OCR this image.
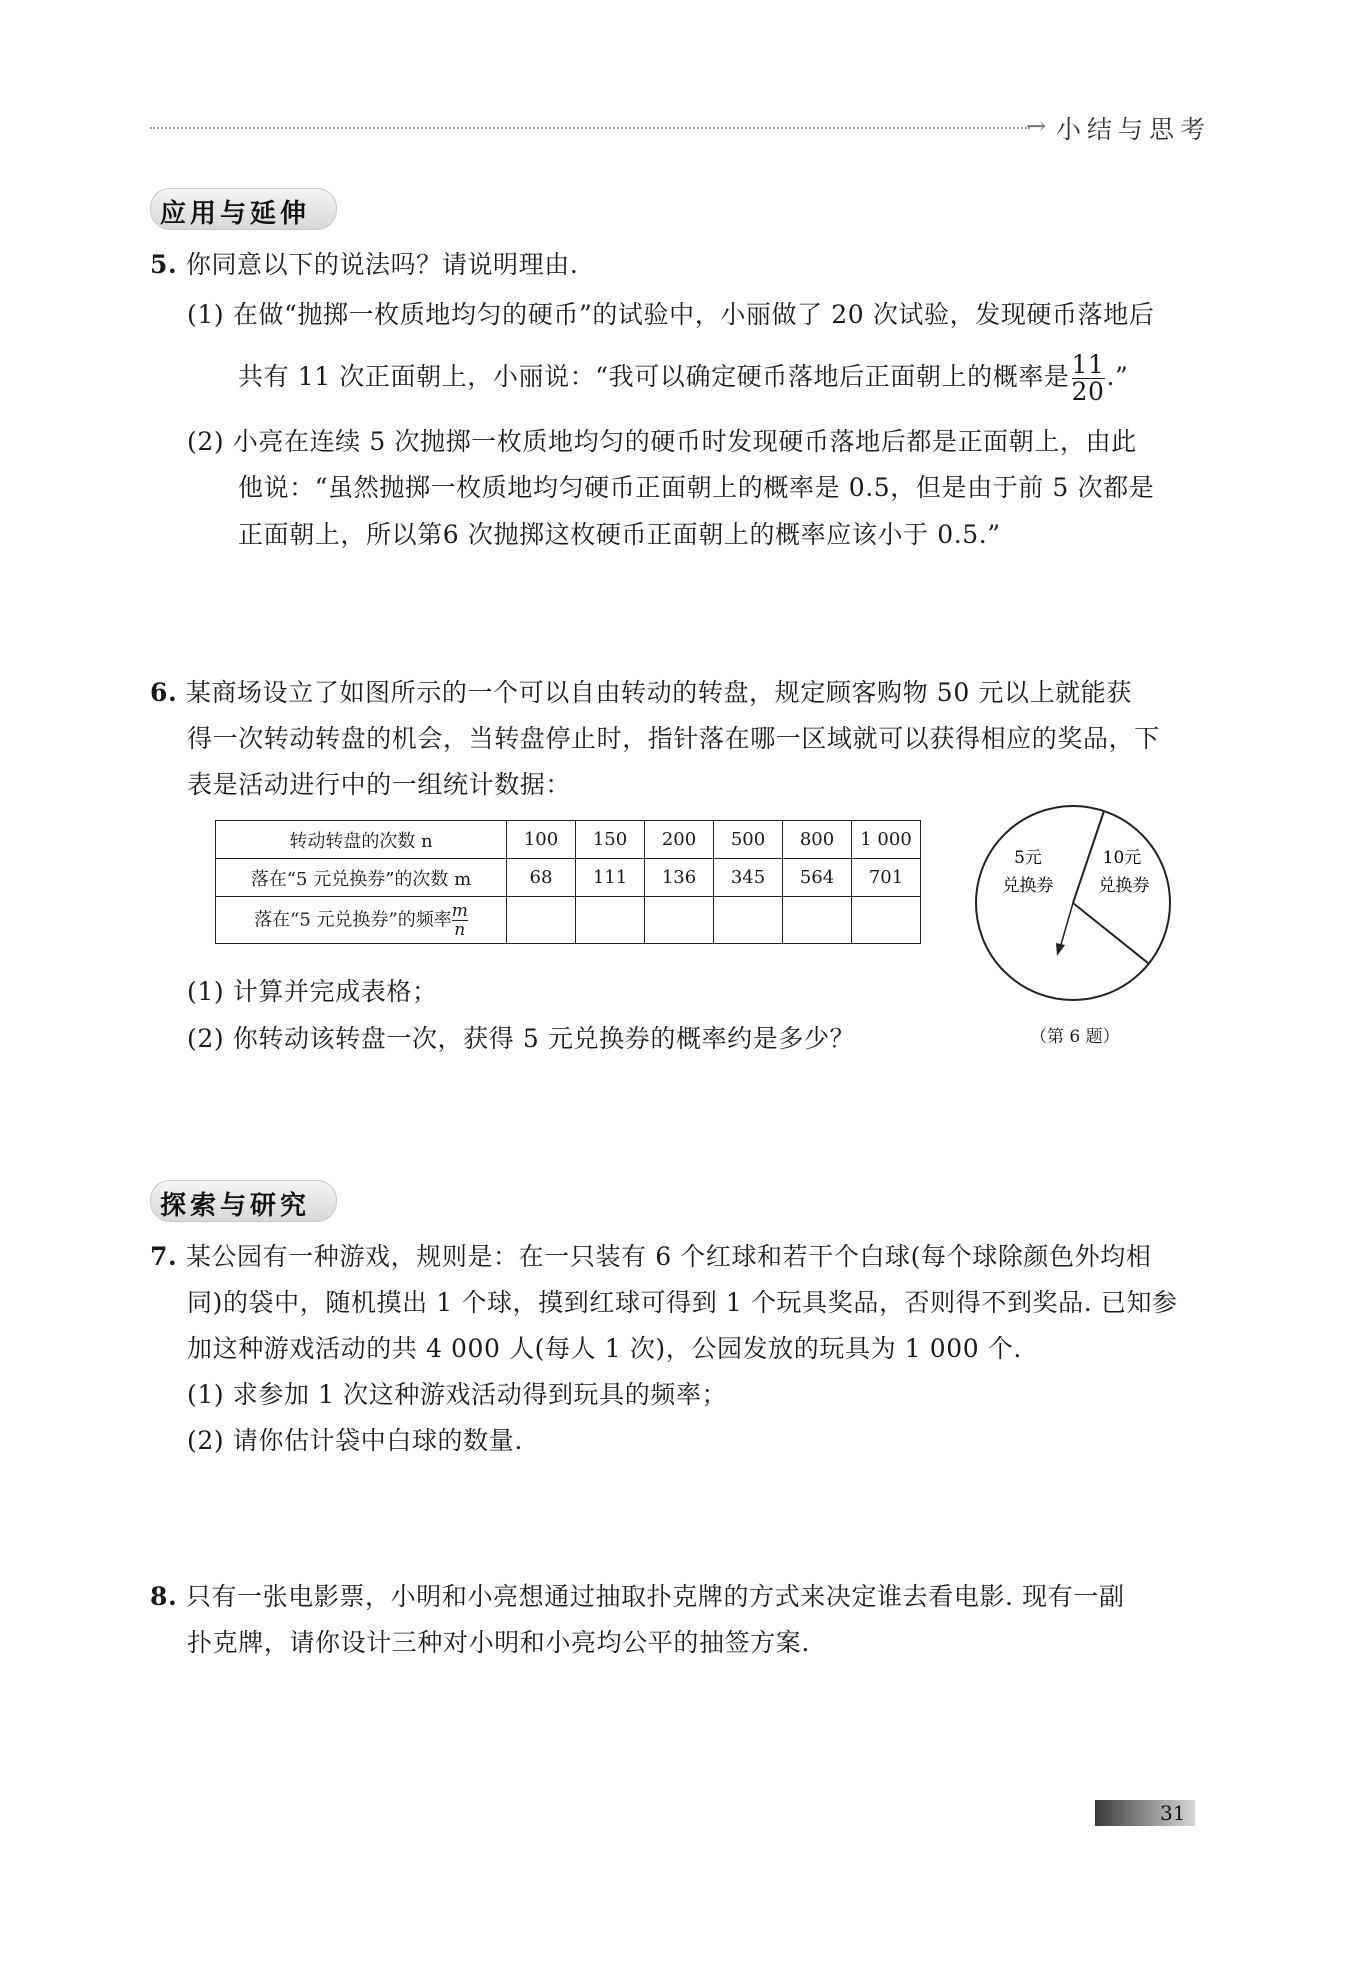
→ 小结与思考
应用与延伸
5. 你同意以下的说法吗？请说明理由.
(1) 在做“抛掷一枚质地均匀的硬币”的试验中，小丽做了 20 次试验，发现硬币落地后
共有 11 次正面朝上，小丽说：“我可以确定硬币落地后正面朝上的概率是 $\frac{11}{20}$ .”
(2) 小亮在连续 5 次抛掷一枚质地均匀的硬币时发现硬币落地后都是正面朝上，由此
他说：“虽然抛掷一枚质地均匀硬币正面朝上的概率是 0.5，但是由于前 5 次都是
正面朝上，所以第6 次抛掷这枚硬币正面朝上的概率应该小于 0.5.”
6. 某商场设立了如图所示的一个可以自由转动的转盘，规定顾客购物 50 元以上就能获
得一次转动转盘的机会，当转盘停止时，指针落在哪一区域就可以获得相应的奖品，下
表是活动进行中的一组统计数据：
转动转盘的次数 n	100	150	200	500	800	1 000
落在“5 元兑换券”的次数 m	68	111	136	345	564	701
落在“5 元兑换券”的频率 $\frac{m}{n}$

5元
兑换券
10元
兑换券
（第 6 题）
(1) 计算并完成表格；
(2) 你转动该转盘一次，获得 5 元兑换券的概率约是多少？
探索与研究
7. 某公园有一种游戏，规则是：在一只装有 6 个红球和若干个白球(每个球除颜色外均相
同)的袋中，随机摸出 1 个球，摸到红球可得到 1 个玩具奖品，否则得不到奖品. 已知参
加这种游戏活动的共 4 000 人(每人 1 次)，公园发放的玩具为 1 000 个.
(1) 求参加 1 次这种游戏活动得到玩具的频率；
(2) 请你估计袋中白球的数量.
8. 只有一张电影票，小明和小亮想通过抽取扑克牌的方式来决定谁去看电影. 现有一副
扑克牌，请你设计三种对小明和小亮均公平的抽签方案.
31
